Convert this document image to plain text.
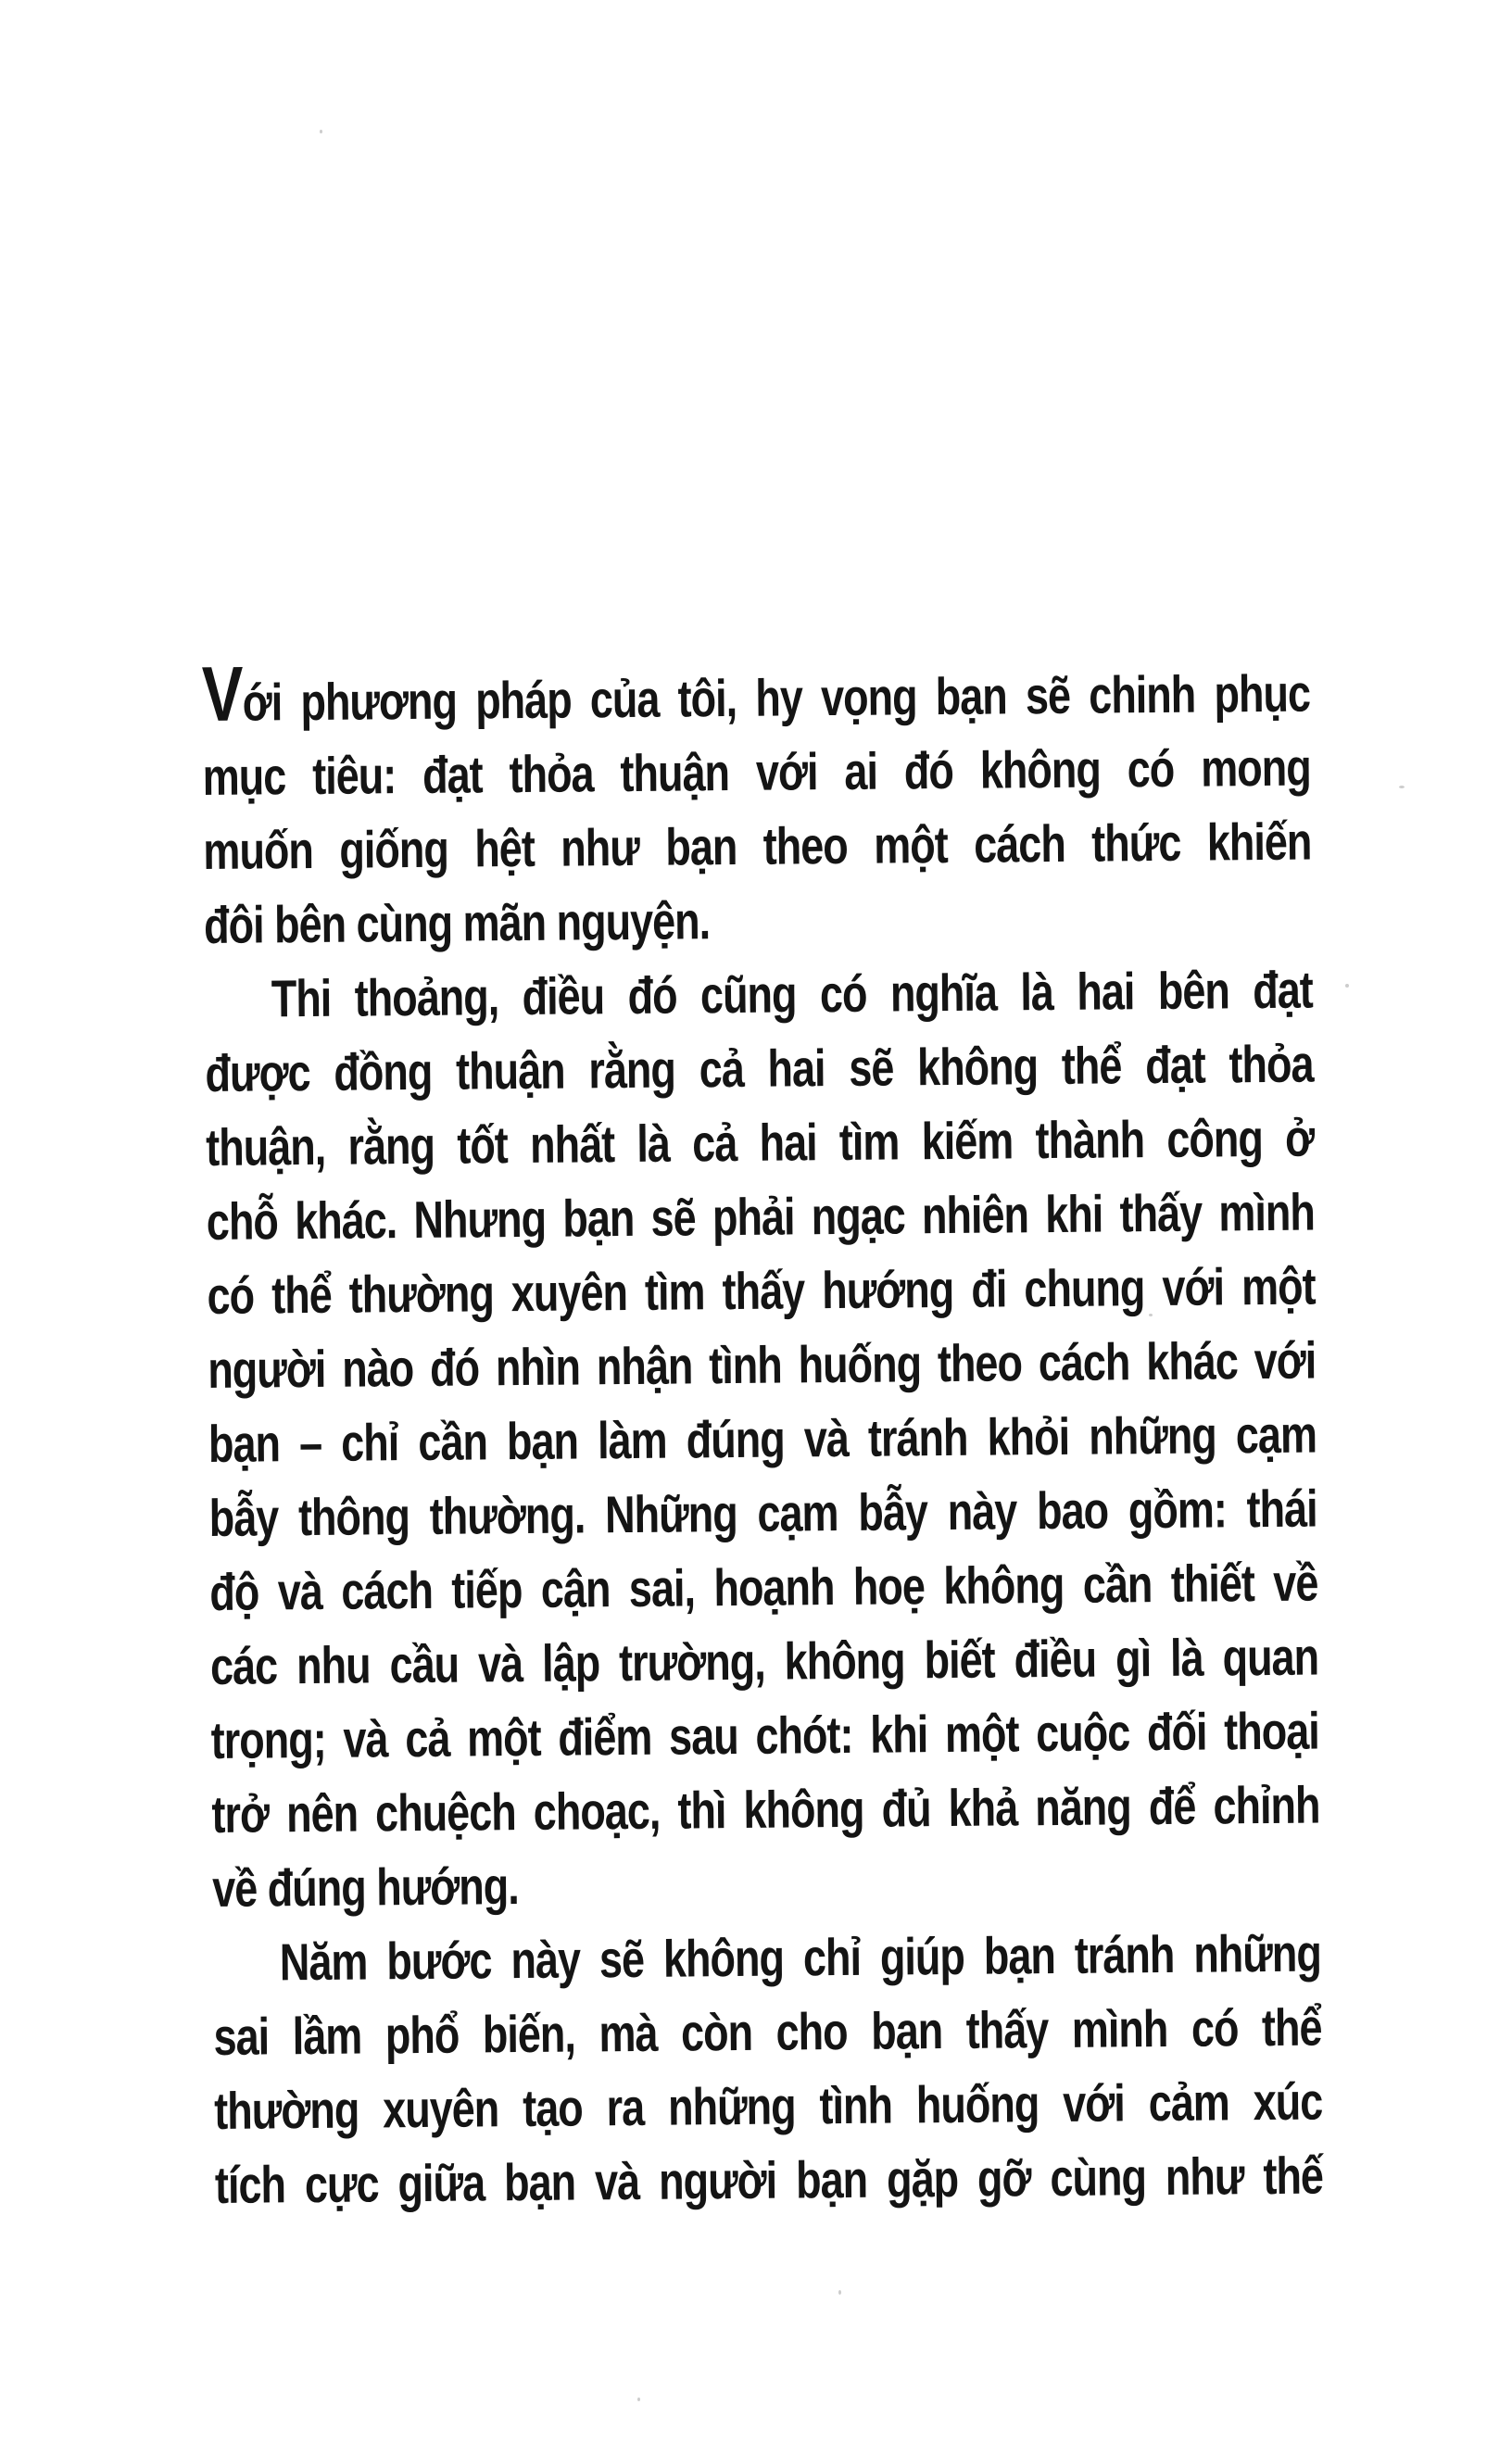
Với phương pháp của tôi, hy vọng bạn sẽ chinh phục
mục tiêu: đạt thỏa thuận với ai đó không có mong
muốn giống hệt như bạn theo một cách thức khiến
đôi bên cùng mãn nguyện.
Thi thoảng, điều đó cũng có nghĩa là hai bên đạt
được đồng thuận rằng cả hai sẽ không thể đạt thỏa
thuận, rằng tốt nhất là cả hai tìm kiếm thành công ở
chỗ khác. Nhưng bạn sẽ phải ngạc nhiên khi thấy mình
có thể thường xuyên tìm thấy hướng đi chung với một
người nào đó nhìn nhận tình huống theo cách khác với
bạn – chỉ cần bạn làm đúng và tránh khỏi những cạm
bẫy thông thường. Những cạm bẫy này bao gồm: thái
độ và cách tiếp cận sai, hoạnh hoẹ không cần thiết về
các nhu cầu và lập trường, không biết điều gì là quan
trọng; và cả một điểm sau chót: khi một cuộc đối thoại
trở nên chuệch choạc, thì không đủ khả năng để chỉnh
về đúng hướng.
Năm bước này sẽ không chỉ giúp bạn tránh những
sai lầm phổ biến, mà còn cho bạn thấy mình có thể
thường xuyên tạo ra những tình huống với cảm xúc
tích cực giữa bạn và người bạn gặp gỡ cùng như thế
